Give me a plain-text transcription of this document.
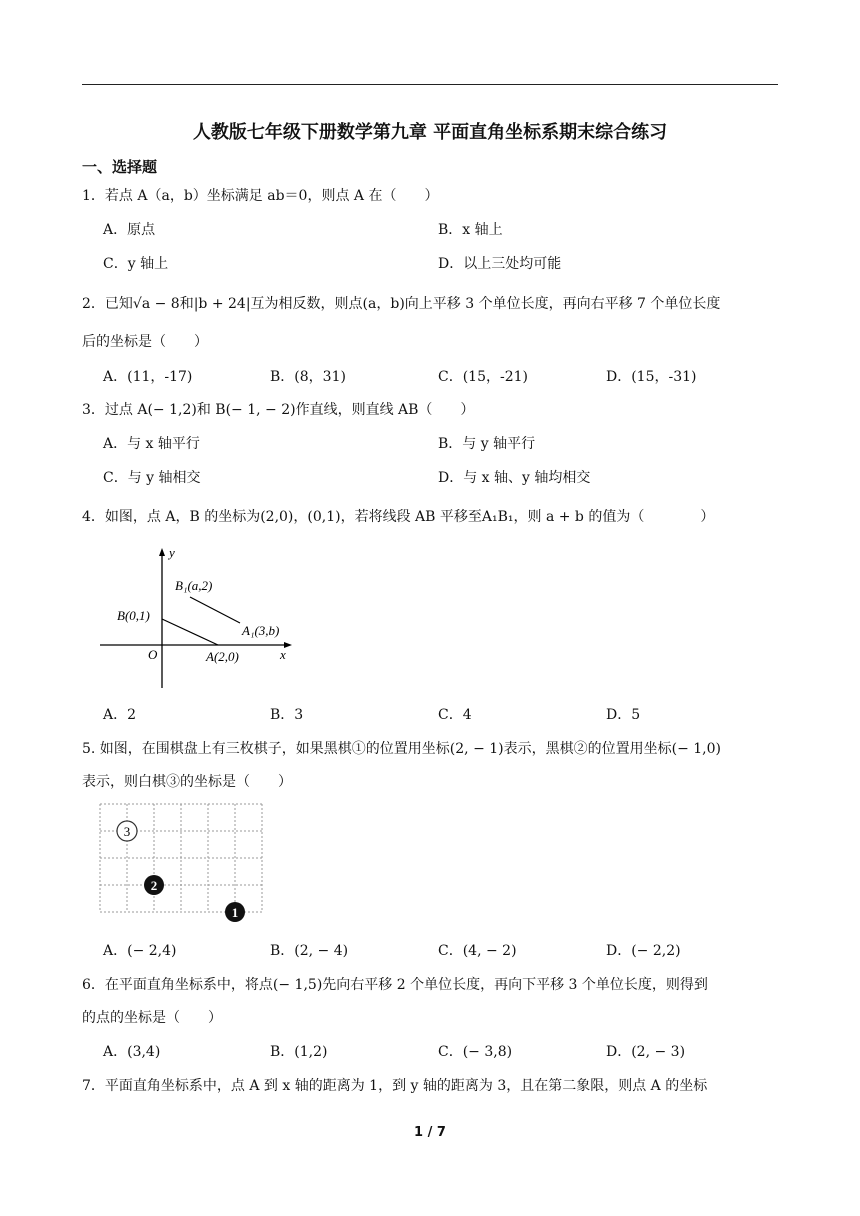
人教版七年级下册数学第九章 平面直角坐标系期末综合练习
一、选择题
1．若点 A（a，b）坐标满足 ab＝0，则点 A 在（　　）
A．原点	B．x 轴上
C．y 轴上	D．以上三处均可能
2．已知√a − 8和|b + 24|互为相反数，则点(a，b)向上平移 3 个单位长度，再向右平移 7 个单位长度
后的坐标是（　　）
A．(11，-17)	B．(8，31)	C．(15，-21)	D．(15，-31)
3．过点 A(− 1,2)和 B(− 1, − 2)作直线，则直线 AB（　　）
A．与 x 轴平行	B．与 y 轴平行
C．与 y 轴相交	D．与 x 轴、y 轴均相交
4．如图，点 A，B 的坐标为(2,0)，(0,1)，若将线段 AB 平移至A₁B₁，则 a + b 的值为（　　　　）
x
y
O
B(0,1)
A(2,0)
B₁(a,2)
A₁(3,b)
A．2	B．3	C．4	D．5
5. 如图，在围棋盘上有三枚棋子，如果黑棋①的位置用坐标(2, − 1)表示，黑棋②的位置用坐标(− 1,0)
表示，则白棋③的坐标是（　　）
3
2
1
A．(− 2,4)	B．(2, − 4)	C．(4, − 2)	D．(− 2,2)
6．在平面直角坐标系中，将点(− 1,5)先向右平移 2 个单位长度，再向下平移 3 个单位长度，则得到
的点的坐标是（　　）
A．(3,4)	B．(1,2)	C．(− 3,8)	D．(2, − 3)
7．平面直角坐标系中，点 A 到 x 轴的距离为 1，到 y 轴的距离为 3，且在第二象限，则点 A 的坐标
1 / 7
